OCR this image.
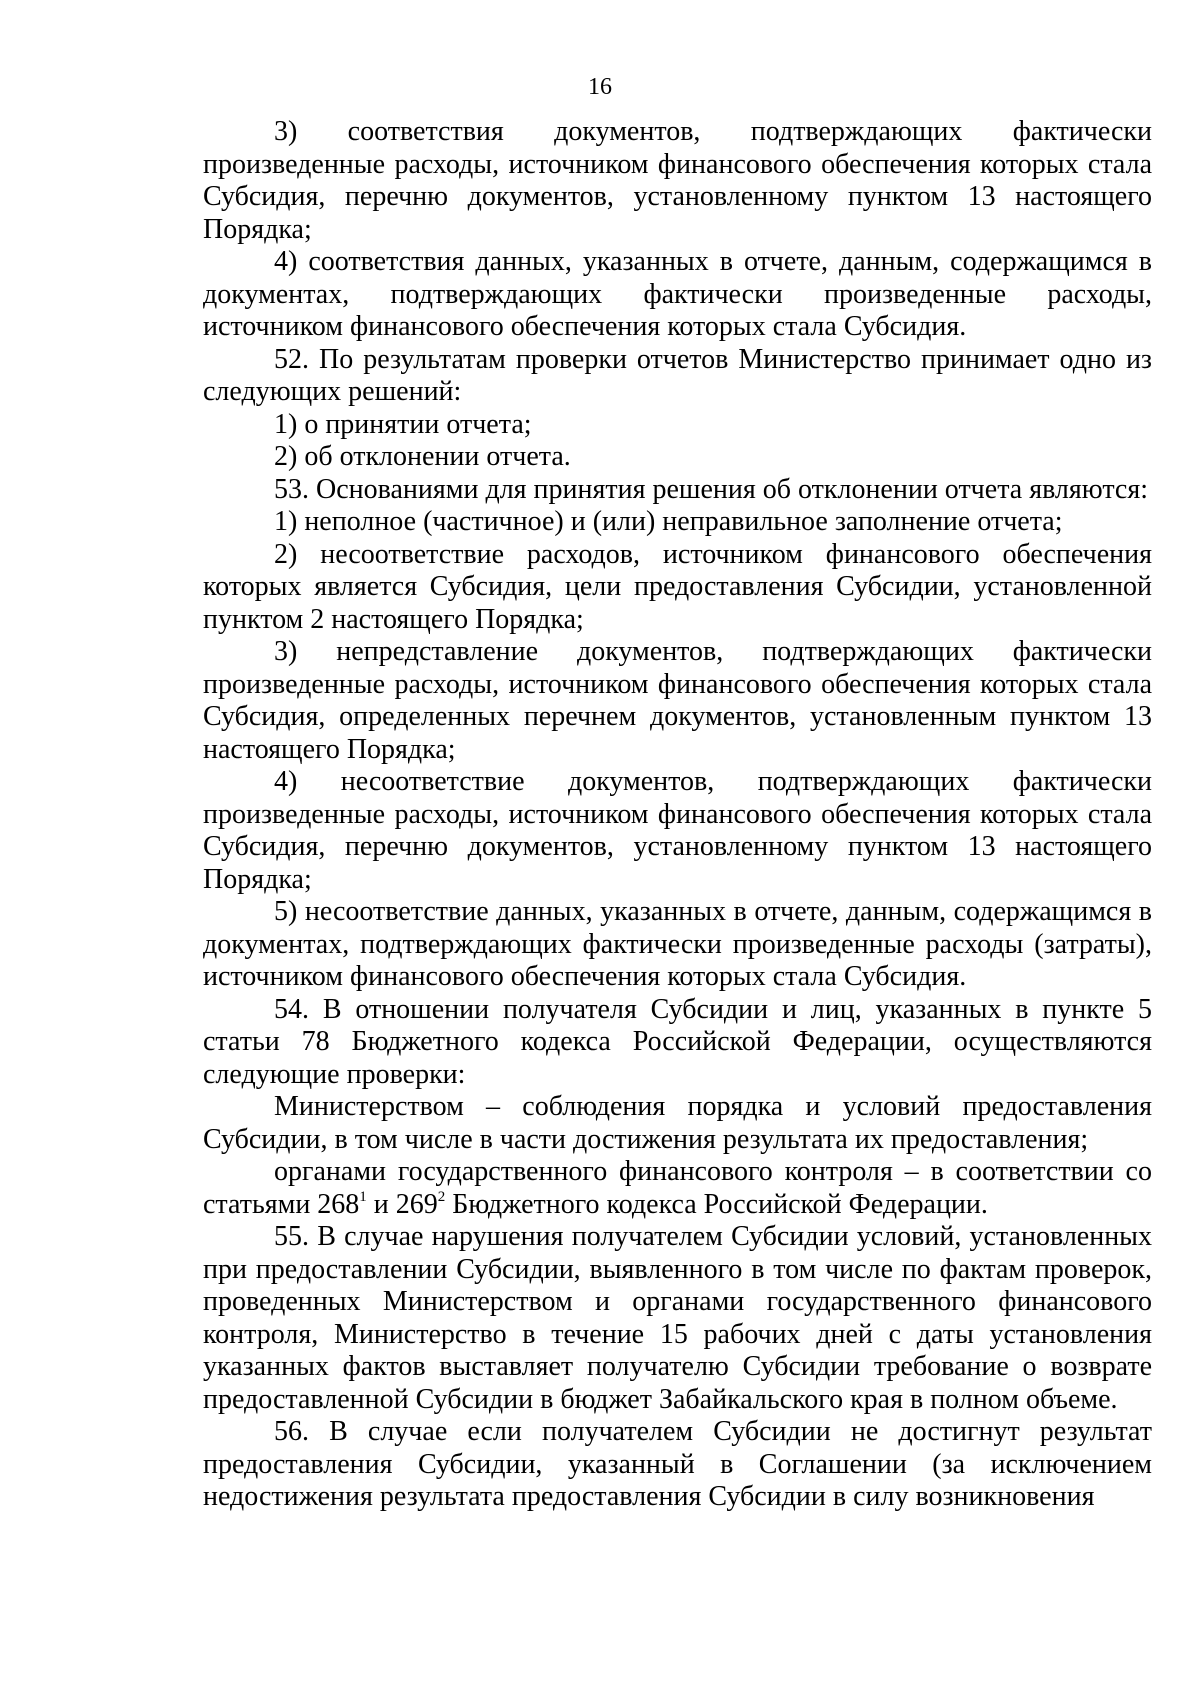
16

3) соответствия документов, подтверждающих фактически произведенные расходы, источником финансового обеспечения которых стала Субсидия, перечню документов, установленному пунктом 13 настоящего Порядка;

4) соответствия данных, указанных в отчете, данным, содержащимся в документах, подтверждающих фактически произведенные расходы, источником финансового обеспечения которых стала Субсидия.

52. По результатам проверки отчетов Министерство принимает одно из следующих решений:

1) о принятии отчета;

2) об отклонении отчета.

53. Основаниями для принятия решения об отклонении отчета являются:

1) неполное (частичное) и (или) неправильное заполнение отчета;

2) несоответствие расходов, источником финансового обеспечения которых является Субсидия, цели предоставления Субсидии, установленной пунктом 2 настоящего Порядка;

3) непредставление документов, подтверждающих фактически произведенные расходы, источником финансового обеспечения которых стала Субсидия, определенных перечнем документов, установленным пунктом 13 настоящего Порядка;

4) несоответствие документов, подтверждающих фактически произведенные расходы, источником финансового обеспечения которых стала Субсидия, перечню документов, установленному пунктом 13 настоящего Порядка;

5) несоответствие данных, указанных в отчете, данным, содержащимся в документах, подтверждающих фактически произведенные расходы (затраты), источником финансового обеспечения которых стала Субсидия.

54. В отношении получателя Субсидии и лиц, указанных в пункте 5 статьи 78 Бюджетного кодекса Российской Федерации, осуществляются следующие проверки:

Министерством – соблюдения порядка и условий предоставления Субсидии, в том числе в части достижения результата их предоставления;

органами государственного финансового контроля – в соответствии со статьями $268^1$ и $269^2$ Бюджетного кодекса Российской Федерации.

55. В случае нарушения получателем Субсидии условий, установленных при предоставлении Субсидии, выявленного в том числе по фактам проверок, проведенных Министерством и органами государственного финансового контроля, Министерство в течение 15 рабочих дней с даты установления указанных фактов выставляет получателю Субсидии требование о возврате предоставленной Субсидии в бюджет Забайкальского края в полном объеме.

56. В случае если получателем Субсидии не достигнут результат предоставления Субсидии, указанный в Соглашении (за исключением недостижения результата предоставления Субсидии в силу возникновения
